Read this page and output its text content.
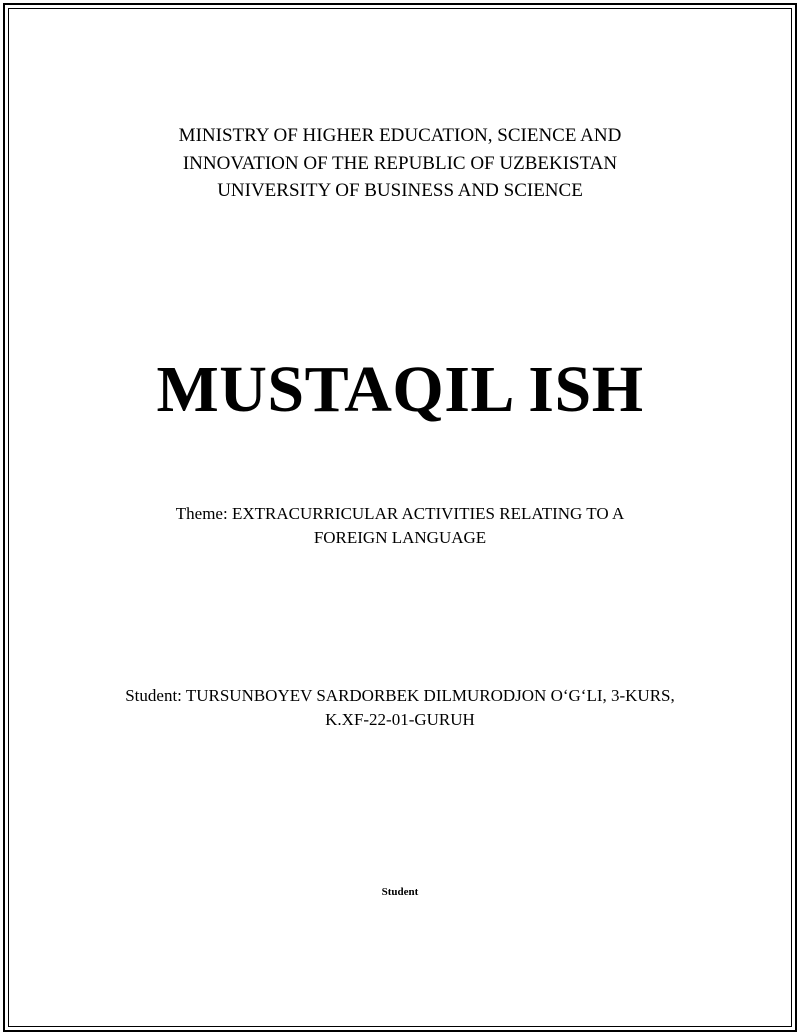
MINISTRY OF HIGHER EDUCATION, SCIENCE AND
INNOVATION OF THE REPUBLIC OF UZBEKISTAN
UNIVERSITY OF BUSINESS AND SCIENCE
MUSTAQIL ISH
Theme: EXTRACURRICULAR ACTIVITIES RELATING TO A FOREIGN LANGUAGE
Student: TURSUNBOYEV SARDORBEK DILMURODJON O‘G‘LI, 3-KURS, K.XF-22-01-GURUH
Student
